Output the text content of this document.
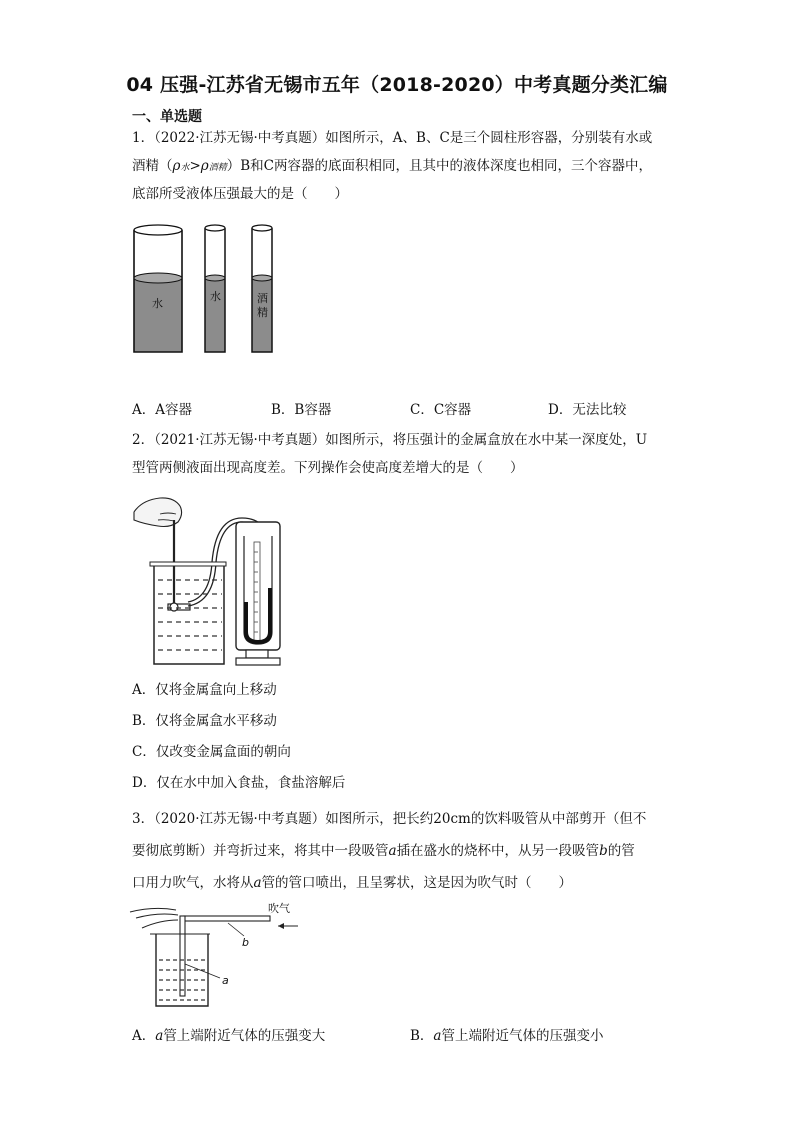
04 压强-江苏省无锡市五年（2018-2020）中考真题分类汇编
一、单选题
1．（2022·江苏无锡·中考真题）如图所示，A、B、C是三个圆柱形容器，分别装有水或
酒精（ρ水>ρ酒精）B和C两容器的底面积相同，且其中的液体深度也相同，三个容器中，
底部所受液体压强最大的是（　　）
水
水	酒
精
A．A容器	B．B容器	C．C容器	D．无法比较
2．（2021·江苏无锡·中考真题）如图所示，将压强计的金属盒放在水中某一深度处，U
型管两侧液面出现高度差。下列操作会使高度差增大的是（　　）
A．仅将金属盒向上移动
B．仅将金属盒水平移动
C．仅改变金属盒面的朝向
D．仅在水中加入食盐，食盐溶解后
3．（2020·江苏无锡·中考真题）如图所示，把长约20cm的饮料吸管从中部剪开（但不
要彻底剪断）并弯折过来，将其中一段吸管a插在盛水的烧杯中，从另一段吸管b的管
口用力吹气，水将从a管的管口喷出，且呈雾状，这是因为吹气时（　　）
吹气
b
a
A．a管上端附近气体的压强变大	B．a管上端附近气体的压强变小
